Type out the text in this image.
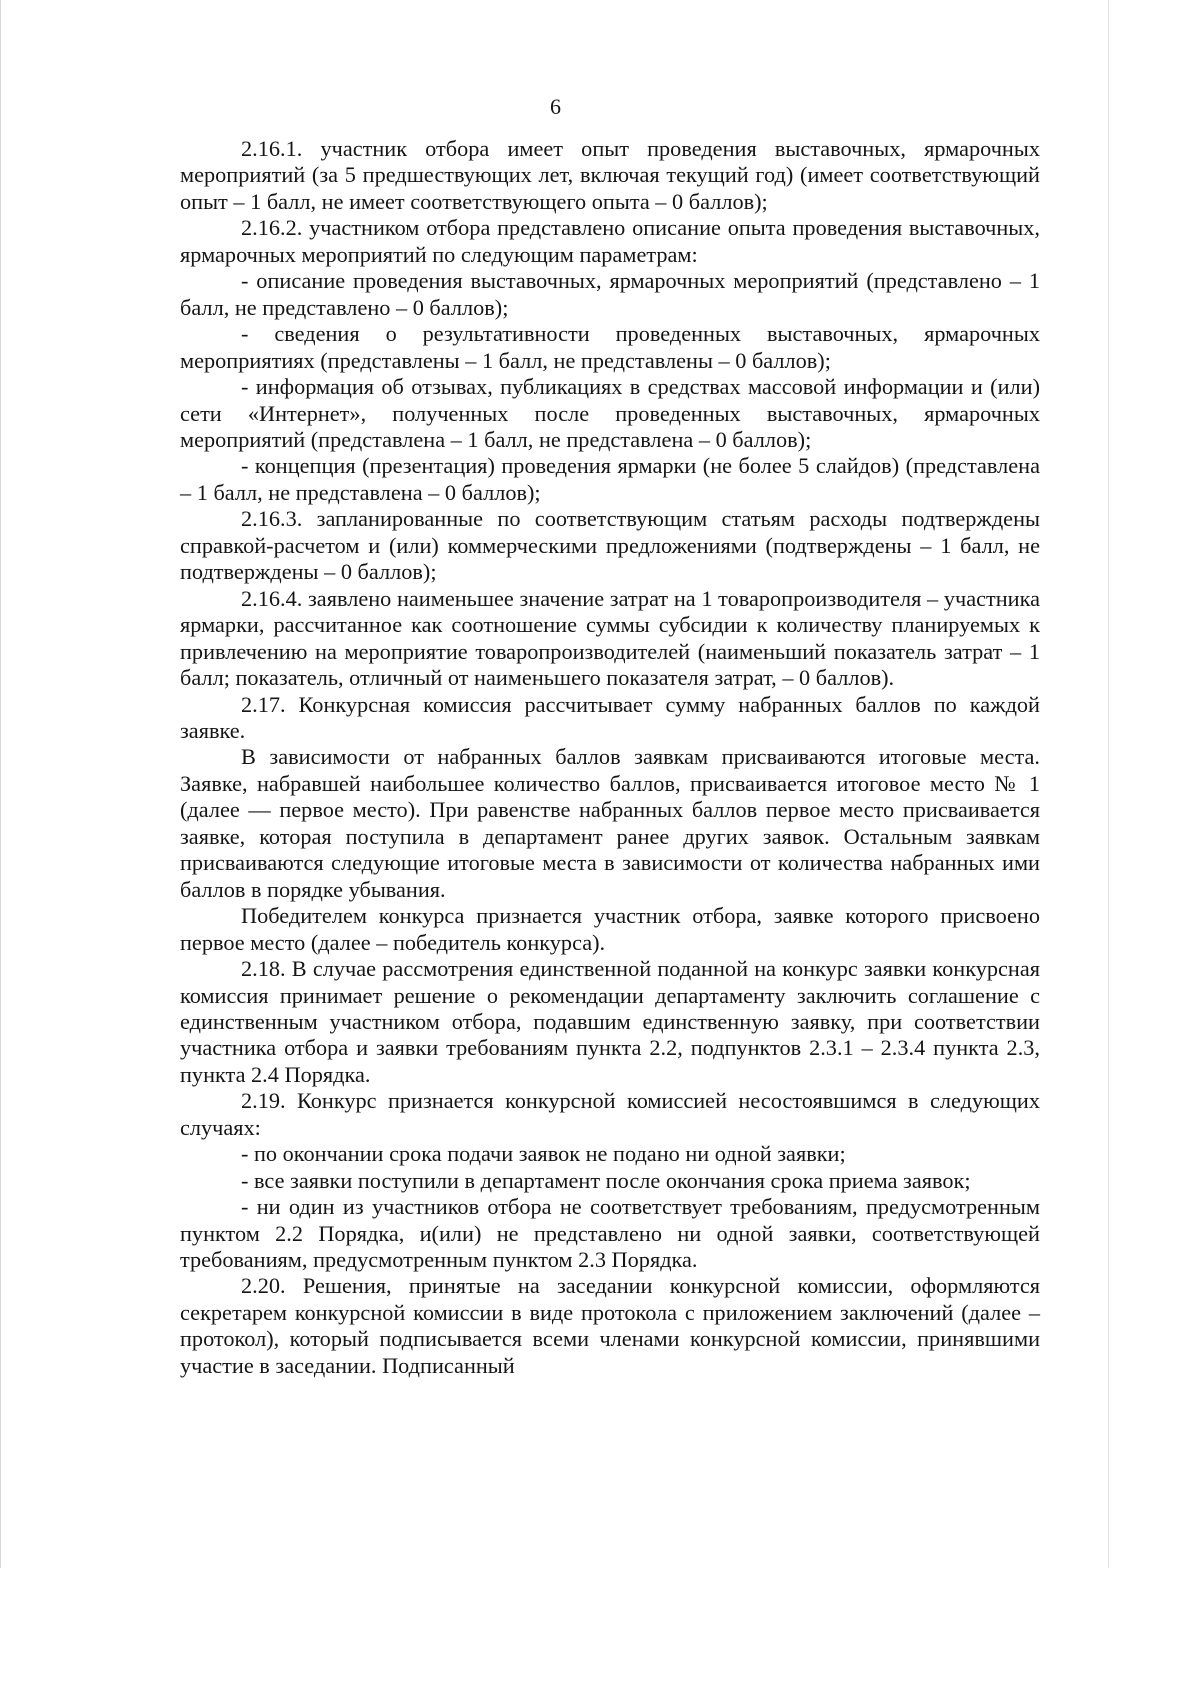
6

2.16.1. участник отбора имеет опыт проведения выставочных, ярмарочных мероприятий (за 5 предшествующих лет, включая текущий год) (имеет соответствующий опыт – 1 балл, не имеет соответствующего опыта – 0 баллов);

2.16.2. участником отбора представлено описание опыта проведения выставочных, ярмарочных мероприятий по следующим параметрам:

- описание проведения выставочных, ярмарочных мероприятий (представлено – 1 балл, не представлено – 0 баллов);

- сведения о результативности проведенных выставочных, ярмарочных мероприятиях (представлены – 1 балл, не представлены – 0 баллов);

- информация об отзывах, публикациях в средствах массовой информации и (или) сети «Интернет», полученных после проведенных выставочных, ярмарочных мероприятий (представлена – 1 балл, не представлена – 0 баллов);

- концепция (презентация) проведения ярмарки (не более 5 слайдов) (представлена – 1 балл, не представлена – 0 баллов);

2.16.3. запланированные по соответствующим статьям расходы подтверждены справкой-расчетом и (или) коммерческими предложениями (подтверждены – 1 балл, не подтверждены – 0 баллов);

2.16.4. заявлено наименьшее значение затрат на 1 товаропроизводителя – участника ярмарки, рассчитанное как соотношение суммы субсидии к количеству планируемых к привлечению на мероприятие товаропроизводителей (наименьший показатель затрат – 1 балл; показатель, отличный от наименьшего показателя затрат, – 0 баллов).

2.17. Конкурсная комиссия рассчитывает сумму набранных баллов по каждой заявке.

В зависимости от набранных баллов заявкам присваиваются итоговые места. Заявке, набравшей наибольшее количество баллов, присваивается итоговое место № 1 (далее — первое место). При равенстве набранных баллов первое место присваивается заявке, которая поступила в департамент ранее других заявок. Остальным заявкам присваиваются следующие итоговые места в зависимости от количества набранных ими баллов в порядке убывания.

Победителем конкурса признается участник отбора, заявке которого присвоено первое место (далее – победитель конкурса).

2.18. В случае рассмотрения единственной поданной на конкурс заявки конкурсная комиссия принимает решение о рекомендации департаменту заключить соглашение с единственным участником отбора, подавшим единственную заявку, при соответствии участника отбора и заявки требованиям пункта 2.2, подпунктов 2.3.1 – 2.3.4 пункта 2.3, пункта 2.4 Порядка.

2.19. Конкурс признается конкурсной комиссией несостоявшимся в следующих случаях:

- по окончании срока подачи заявок не подано ни одной заявки;

- все заявки поступили в департамент после окончания срока приема заявок;

- ни один из участников отбора не соответствует требованиям, предусмотренным пунктом 2.2 Порядка, и(или) не представлено ни одной заявки, соответствующей требованиям, предусмотренным пунктом 2.3 Порядка.

2.20. Решения, принятые на заседании конкурсной комиссии, оформляются секретарем конкурсной комиссии в виде протокола с приложением заключений (далее – протокол), который подписывается всеми членами конкурсной комиссии, принявшими участие в заседании. Подписанный
